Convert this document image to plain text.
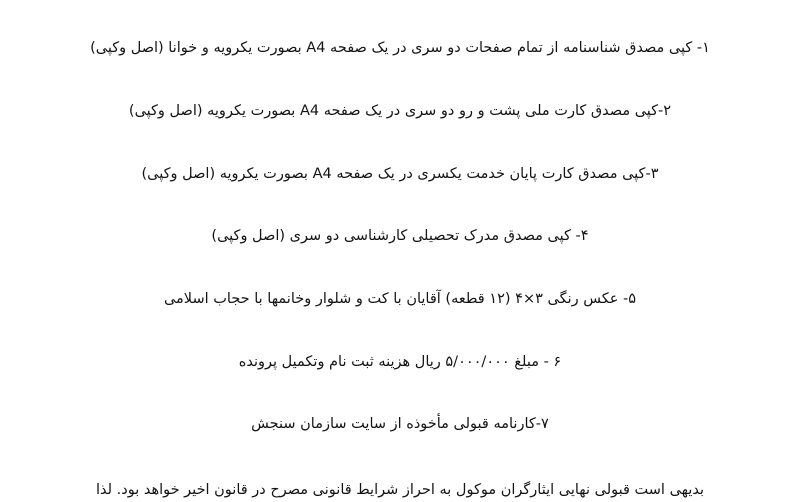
۱- کپی مصدق شناسنامه از تمام صفحات دو سری در یک صفحه A4 بصورت یکرویه و خوانا (اصل وکپی)
۲-کپی مصدق کارت ملی پشت و رو دو سری در یک صفحه A4 بصورت یکرویه (اصل وکپی)
۳-کپی مصدق کارت پایان خدمت یکسری در یک صفحه A4 بصورت یکرویه (اصل وکپی)
۴- کپی مصدق مدرک تحصیلی کارشناسی دو سری (اصل وکپی)
۵- عکس رنگی ۳×۴ (۱۲ قطعه) آقایان با کت و شلوار وخانمها با حجاب اسلامی
۶ - مبلغ ۵/۰۰۰/۰۰۰ ریال هزینه ثبت نام وتکمیل پرونده
۷-کارنامه قبولی مأخوذه از سایت سازمان سنجش
بدیهی است قبولی نهایی ایثارگران موکول به احراز شرایط قانونی مصرح در قانون اخیر خواهد بود. لذا
